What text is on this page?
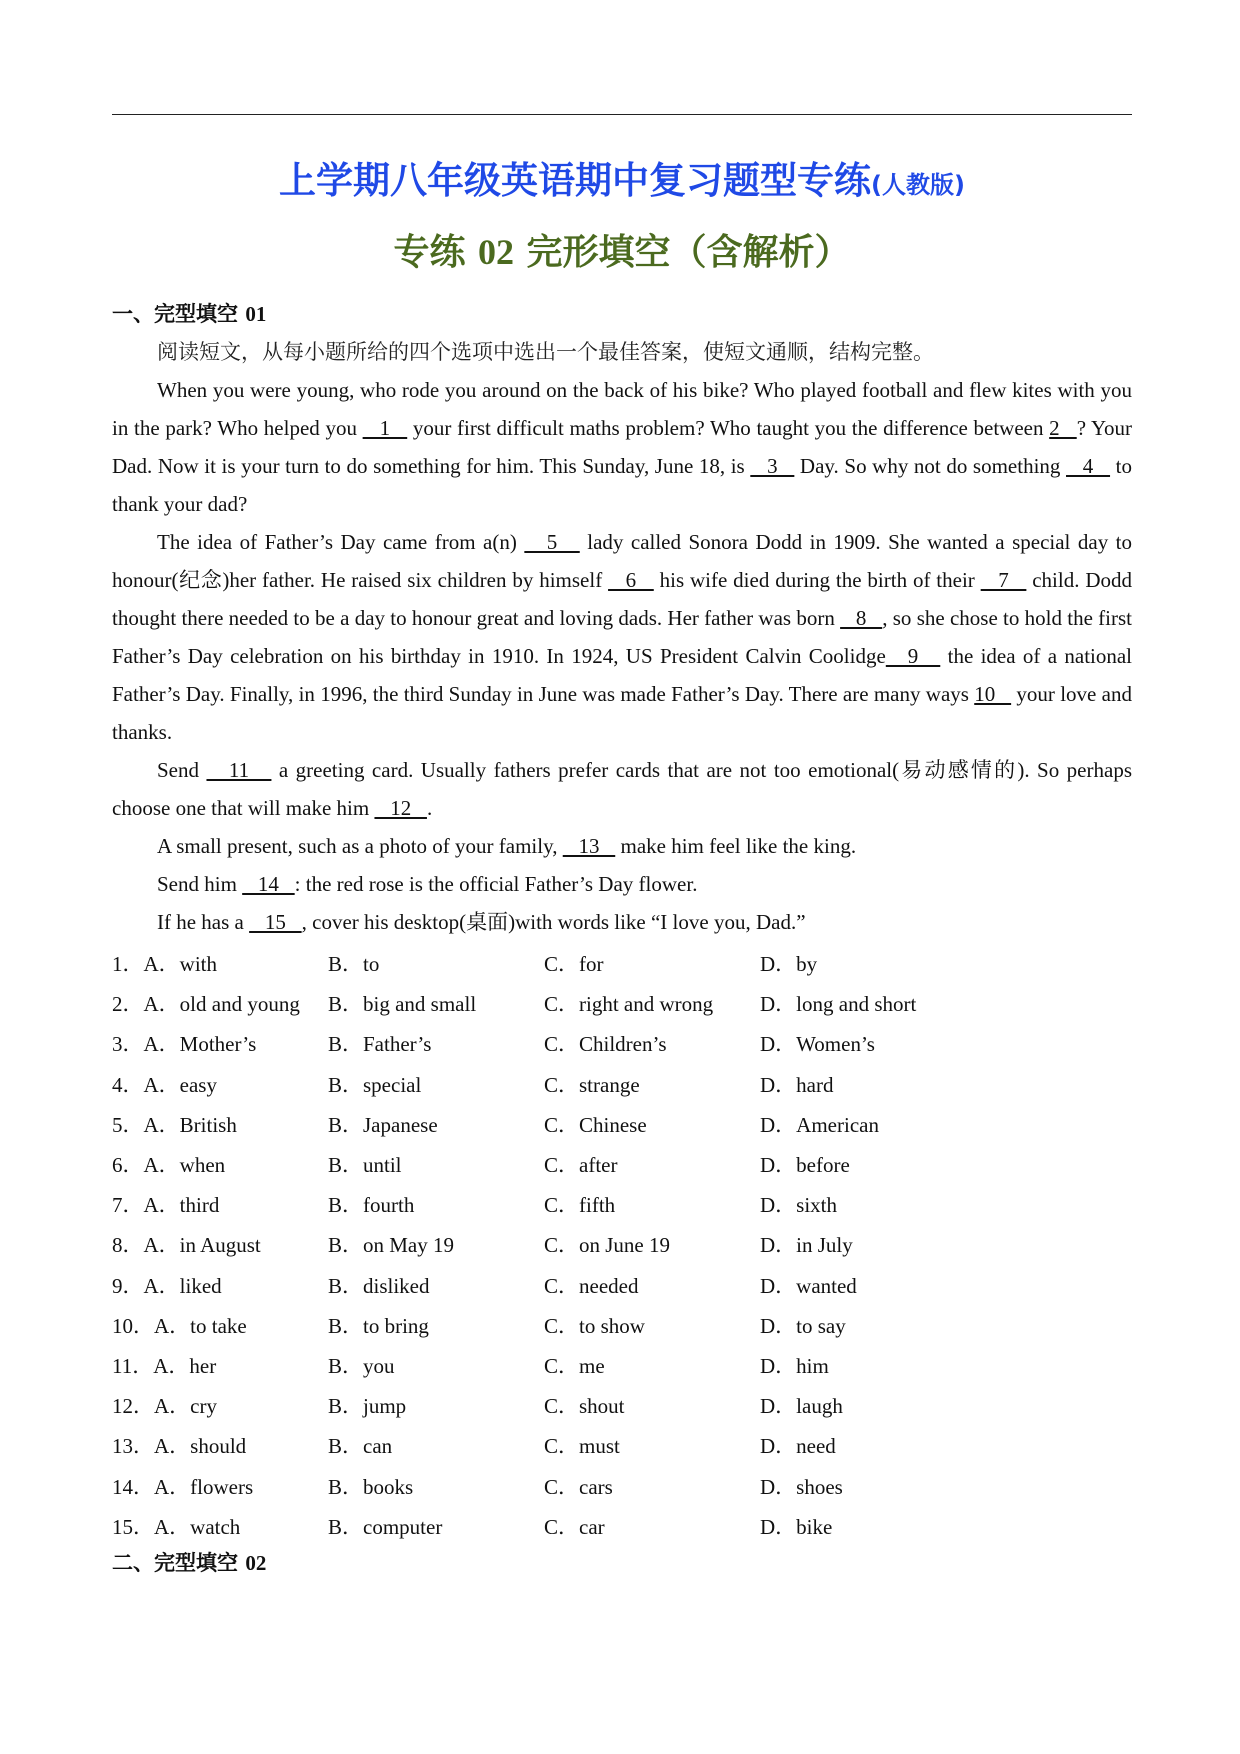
上学期八年级英语期中复习题型专练(人教版)
专练 02 完形填空（含解析）
一、完型填空 01
阅读短文，从每小题所给的四个选项中选出一个最佳答案，使短文通顺，结构完整。

When you were young, who rode you around on the back of his bike? Who played football and flew kites with you in the park? Who helped you    1    your first difficult maths problem? Who taught you the difference between 2   ? Your Dad. Now it is your turn to do something for him. This Sunday, June 18, is    3    Day. So why not do something    4    to thank your dad?

The idea of Father’s Day came from a(n)    5    lady called Sonora Dodd in 1909. She wanted a special day to honour(纪念)her father. He raised six children by himself    6    his wife died during the birth of their    7    child. Dodd thought there needed to be a day to honour great and loving dads. Her father was born    8   , so she chose to hold the first Father’s Day celebration on his birthday in 1910. In 1924, US President Calvin Coolidge   9    the idea of a national Father’s Day. Finally, in 1996, the third Sunday in June was made Father’s Day. There are many ways 10    your love and thanks.

Send    11    a greeting card. Usually fathers prefer cards that are not too emotional(易动感情的). So perhaps choose one that will make him    12   .

A small present, such as a photo of your family,    13    make him feel like the king.

Send him    14   : the red rose is the official Father’s Day flower.

If he has a    15   , cover his desktop(桌面)with words like “I love you, Dad.”

1．A．with	B．to	C．for	D．by
2．A．old and young B．big and small	C．right and wrong D．long and short
3．A．Mother’s	B．Father’s	C．Children’s	D．Women’s
4．A．easy	B．special	C．strange	D．hard
5．A．British	B．Japanese	C．Chinese	D．American
6．A．when	B．until	C．after	D．before
7．A．third	B．fourth	C．fifth	D．sixth
8．A．in August	B．on May 19	C．on June 19	D．in July
9．A．liked	B．disliked	C．needed	D．wanted
10．A．to take	B．to bring	C．to show	D．to say
11．A．her	B．you	C．me	D．him
12．A．cry	B．jump	C．shout	D．laugh
13．A．should	B．can	C．must	D．need
14．A．flowers	B．books	C．cars	D．shoes
15．A．watch	B．computer	C．car	D．bike
二、完型填空 02
